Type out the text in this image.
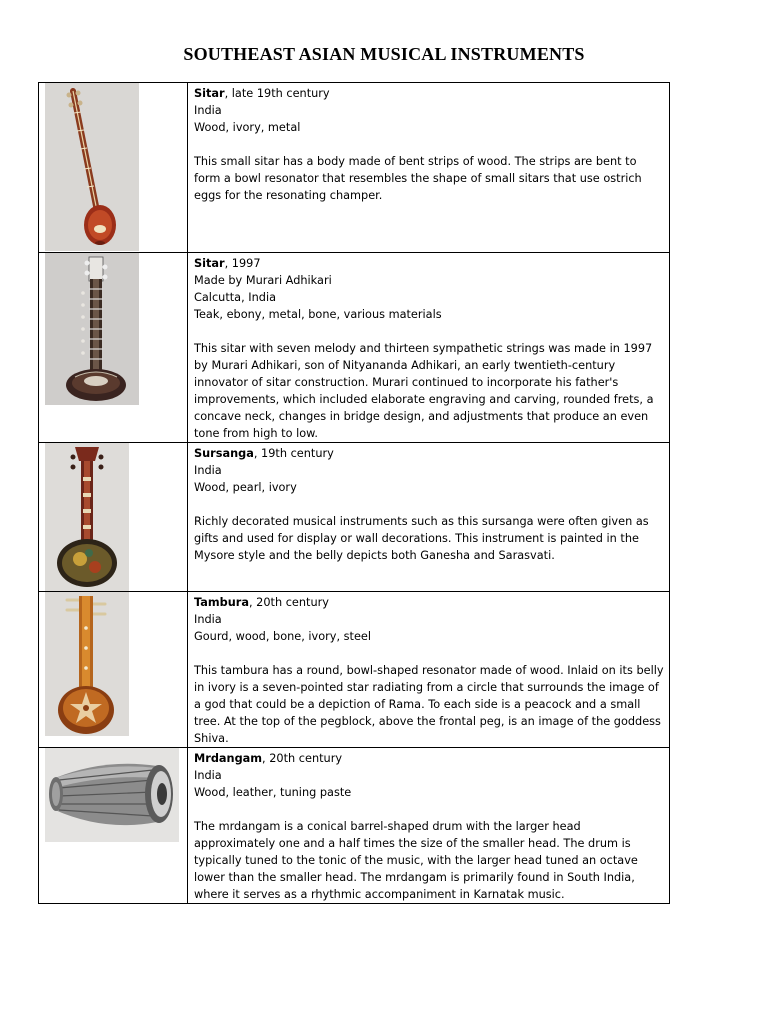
SOUTHEAST ASIAN MUSICAL INSTRUMENTS

Sitar, late 19th century

India

Wood, ivory, metal

This small sitar has a body made of bent strips of wood. The strips are bent to form a bowl resonator that resembles the shape of small sitars that use ostrich eggs for the resonating champer.

Sitar, 1997

Made by Murari Adhikari

Calcutta, India

Teak, ebony, metal, bone, various materials

This sitar with seven melody and thirteen sympathetic strings was made in 1997 by Murari Adhikari, son of Nityananda Adhikari, an early twentieth-century innovator of sitar construction. Murari continued to incorporate his father's improvements, which included elaborate engraving and carving, rounded frets, a concave neck, changes in bridge design, and adjustments that produce an even tone from high to low.

Sursanga, 19th century

India

Wood, pearl, ivory

Richly decorated musical instruments such as this sursanga were often given as gifts and used for display or wall decorations. This instrument is painted in the Mysore style and the belly depicts both Ganesha and Sarasvati.

Tambura, 20th century

India

Gourd, wood, bone, ivory, steel

This tambura has a round, bowl-shaped resonator made of wood. Inlaid on its belly in ivory is a seven-pointed star radiating from a circle that surrounds the image of a god that could be a depiction of Rama. To each side is a peacock and a small tree. At the top of the pegblock, above the frontal peg, is an image of the goddess Shiva.

Mrdangam, 20th century

India

Wood, leather, tuning paste

The mrdangam is a conical barrel-shaped drum with the larger head approximately one and a half times the size of the smaller head. The drum is typically tuned to the tonic of the music, with the larger head tuned an octave lower than the smaller head. The mrdangam is primarily found in South India, where it serves as a rhythmic accompaniment in Karnatak music.
